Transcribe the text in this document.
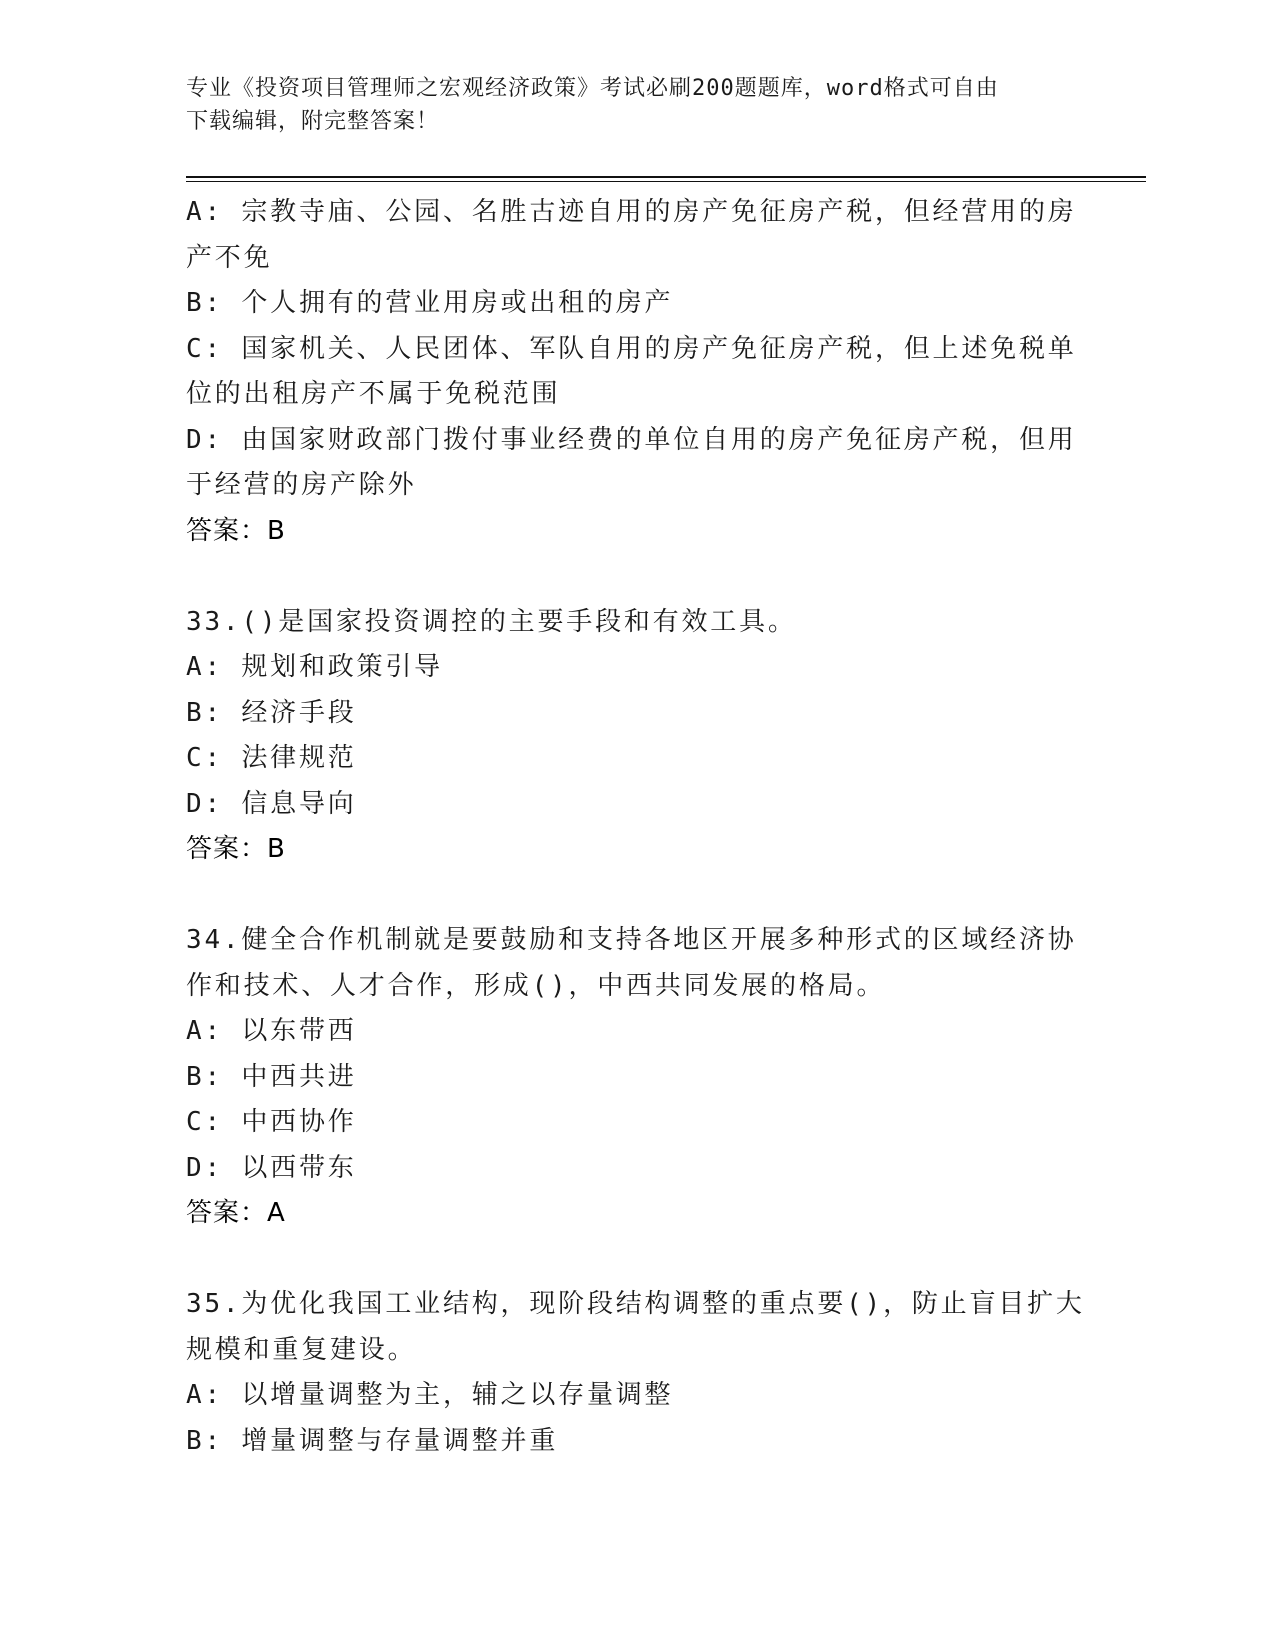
专业《投资项目管理师之宏观经济政策》考试必刷200题题库，word格式可自由
下载编辑，附完整答案！
A: 宗教寺庙、公园、名胜古迹自用的房产免征房产税，但经营用的房
产不免
B: 个人拥有的营业用房或出租的房产
C: 国家机关、人民团体、军队自用的房产免征房产税，但上述免税单
位的出租房产不属于免税范围
D: 由国家财政部门拨付事业经费的单位自用的房产免征房产税，但用
于经营的房产除外
答案：B
33.()是国家投资调控的主要手段和有效工具。
A: 规划和政策引导
B: 经济手段
C: 法律规范
D: 信息导向
答案：B
34.健全合作机制就是要鼓励和支持各地区开展多种形式的区域经济协
作和技术、人才合作，形成()，中西共同发展的格局。
A: 以东带西
B: 中西共进
C: 中西协作
D: 以西带东
答案：A
35.为优化我国工业结构，现阶段结构调整的重点要()，防止盲目扩大
规模和重复建设。
A: 以增量调整为主，辅之以存量调整
B: 增量调整与存量调整并重
